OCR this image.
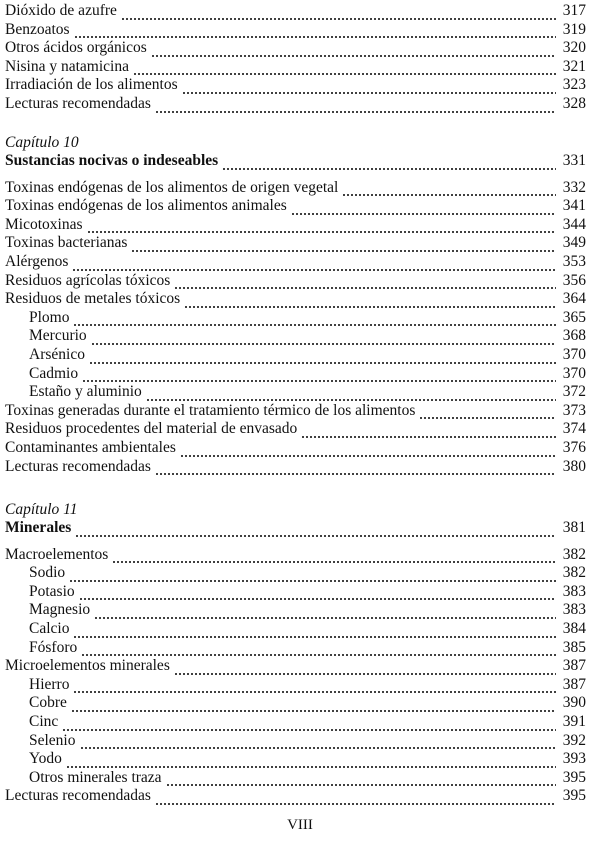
Dióxido de azufre	317
Benzoatos	319
Otros ácidos orgánicos	320
Nisina y natamicina	321
Irradiación de los alimentos	323
Lecturas recomendadas	328
Capítulo 10
Sustancias nocivas o indeseables	331
Toxinas endógenas de los alimentos de origen vegetal	332
Toxinas endógenas de los alimentos animales	341
Micotoxinas	344
Toxinas bacterianas	349
Alérgenos	353
Residuos agrícolas tóxicos	356
Residuos de metales tóxicos	364
Plomo	365
Mercurio	368
Arsénico	370
Cadmio	370
Estaño y aluminio	372
Toxinas generadas durante el tratamiento térmico de los alimentos	373
Residuos procedentes del material de envasado	374
Contaminantes ambientales	376
Lecturas recomendadas	380
Capítulo 11
Minerales	381
Macroelementos	382
Sodio	382
Potasio	383
Magnesio	383
Calcio	384
Fósforo	385
Microelementos minerales	387
Hierro	387
Cobre	390
Cinc	391
Selenio	392
Yodo	393
Otros minerales traza	395
Lecturas recomendadas	395
VIII
